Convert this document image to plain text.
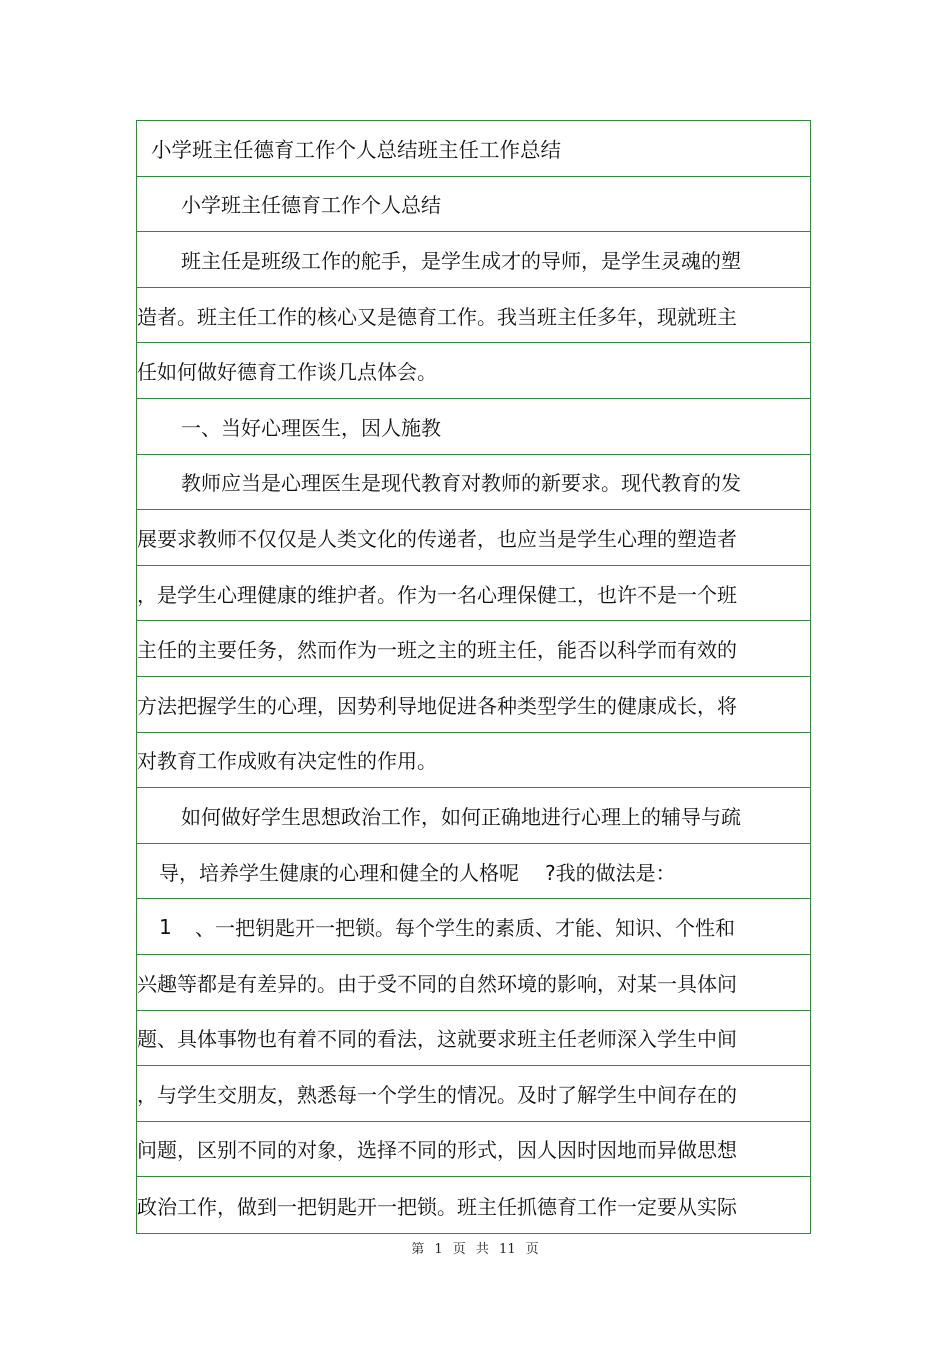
小学班主任德育工作个人总结班主任工作总结
小学班主任德育工作个人总结
班主任是班级工作的舵手，是学生成才的导师，是学生灵魂的塑
造者。班主任工作的核心又是德育工作。我当班主任多年，现就班主
任如何做好德育工作谈几点体会。
一、当好心理医生，因人施教
教师应当是心理医生是现代教育对教师的新要求。现代教育的发
展要求教师不仅仅是人类文化的传递者，也应当是学生心理的塑造者
，是学生心理健康的维护者。作为一名心理保健工，也许不是一个班
主任的主要任务，然而作为一班之主的班主任，能否以科学而有效的
方法把握学生的心理，因势利导地促进各种类型学生的健康成长，将
对教育工作成败有决定性的作用。
如何做好学生思想政治工作，如何正确地进行心理上的辅导与疏
导，培养学生健康的心理和健全的人格呢 ?我的做法是：
1	、一把钥匙开一把锁。每个学生的素质、才能、知识、个性和
兴趣等都是有差异的。由于受不同的自然环境的影响，对某一具体问
题、具体事物也有着不同的看法，这就要求班主任老师深入学生中间
，与学生交朋友，熟悉每一个学生的情况。及时了解学生中间存在的
问题，区别不同的对象，选择不同的形式，因人因时因地而异做思想
政治工作，做到一把钥匙开一把锁。班主任抓德育工作一定要从实际
第 1 页 共 11 页
